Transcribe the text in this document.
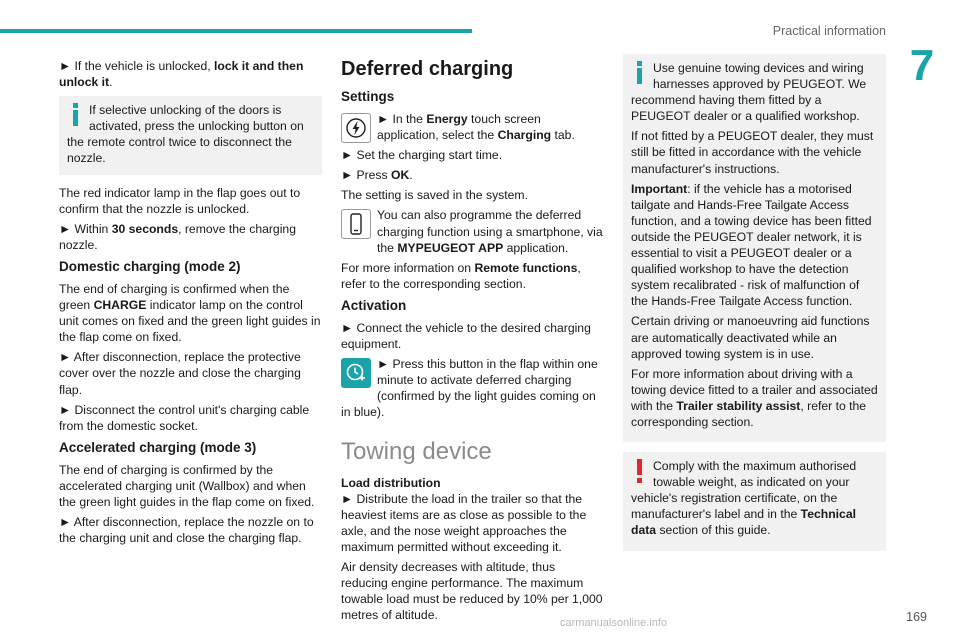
Practical information
7

► If the vehicle is unlocked, lock it and then unlock it.

If selective unlocking of the doors is activated, press the unlocking button on the remote control twice to disconnect the nozzle.

The red indicator lamp in the flap goes out to confirm that the nozzle is unlocked.

► Within 30 seconds, remove the charging nozzle.

Domestic charging (mode 2)

The end of charging is confirmed when the green CHARGE indicator lamp on the control unit comes on fixed and the green light guides in the flap come on fixed.

► After disconnection, replace the protective cover over the nozzle and close the charging flap.

► Disconnect the control unit's charging cable from the domestic socket.

Accelerated charging (mode 3)

The end of charging is confirmed by the accelerated charging unit (Wallbox) and when the green light guides in the flap come on fixed.

► After disconnection, replace the nozzle on to the charging unit and close the charging flap.

Deferred charging
Settings

► In the Energy touch screen application, select the Charging tab.

► Set the charging start time.

► Press OK.

The setting is saved in the system.

You can also programme the deferred charging function using a smartphone, via the MYPEUGEOT APP application.

For more information on Remote functions, refer to the corresponding section.

Activation

► Connect the vehicle to the desired charging equipment.

► Press this button in the flap within one minute to activate deferred charging (confirmed by the light guides coming on in blue).

Towing device
Load distribution

► Distribute the load in the trailer so that the heaviest items are as close as possible to the axle, and the nose weight approaches the maximum permitted without exceeding it.

Air density decreases with altitude, thus reducing engine performance. The maximum towable load must be reduced by 10% per 1,000 metres of altitude.

Use genuine towing devices and wiring harnesses approved by PEUGEOT. We recommend having them fitted by a PEUGEOT dealer or a qualified workshop.

If not fitted by a PEUGEOT dealer, they must still be fitted in accordance with the vehicle manufacturer's instructions.

Important: if the vehicle has a motorised tailgate and Hands-Free Tailgate Access function, and a towing device has been fitted outside the PEUGEOT dealer network, it is essential to visit a PEUGEOT dealer or a qualified workshop to have the detection system recalibrated - risk of malfunction of the Hands-Free Tailgate Access function.

Certain driving or manoeuvring aid functions are automatically deactivated while an approved towing system is in use.

For more information about driving with a towing device fitted to a trailer and associated with the Trailer stability assist, refer to the corresponding section.

Comply with the maximum authorised towable weight, as indicated on your vehicle's registration certificate, on the manufacturer's label and in the Technical data section of this guide.

carmanualsonline.info	169
